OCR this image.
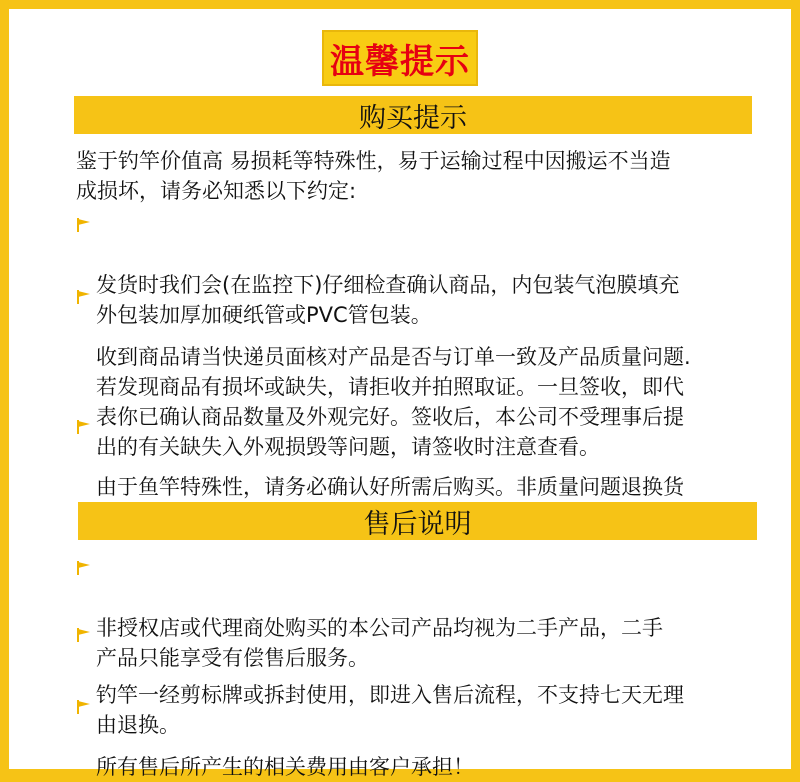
温馨提示
购买提示
鉴于钓竿价值高 易损耗等特殊性，易于运输过程中因搬运不当造
成损坏，请务必知悉以下约定:

发货时我们会(在监控下)仔细检查确认商品，内包装气泡膜填充
外包装加厚加硬纸管或PVC管包装。

收到商品请当快递员面核对产品是否与订单一致及产品质量问题.
若发现商品有损坏或缺失，请拒收并拍照取证。一旦签收，即代
表你已确认商品数量及外观完好。签收后，本公司不受理事后提
出的有关缺失入外观损毁等问题，请签收时注意查看。

由于鱼竿特殊性，请务必确认好所需后购买。非质量问题退换货

售后说明

非授权店或代理商处购买的本公司产品均视为二手产品，二手
产品只能享受有偿售后服务。

钓竿一经剪标牌或拆封使用，即进入售后流程，不支持七天无理
由退换。

所有售后所产生的相关费用由客户承担！
